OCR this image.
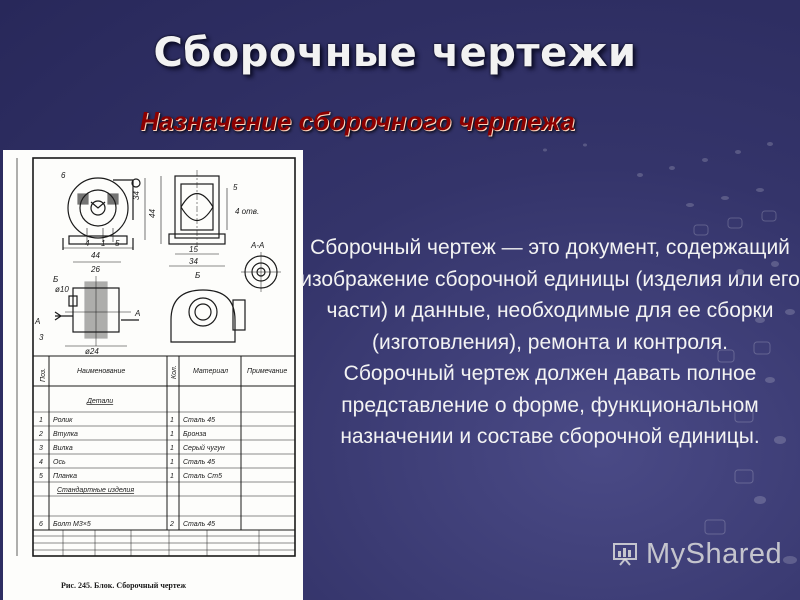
Сборочные чертежи
Назначение сборочного чертежа
6
34
44
4 1 5
44
26
Б
ø10
А
А
3
ø24
15
34
5
4 отв.
Б
А-А
Поз.	Наименование	Кол. Материал	Примечание
Детали
1 Ролик	1 Сталь 45
2 Втулка	1 Бронза
3 Вилка	1 Серый чугун
4 Ось	1 Сталь 45
5 Планка	1 Сталь Ст5
Стандартные изделия
6 Болт М3×5	2 Сталь 45
Рис. 245. Блок. Сборочный чертеж

Сборочный чертеж — это документ, содержащий изображение сборочной единицы (изделия или его части) и данные, необходимые для ее сборки (изготовления), ремонта и контроля.

Сборочный чертеж должен давать полное представление о форме, функциональном назначении и составе сборочной единицы.

MyShared
